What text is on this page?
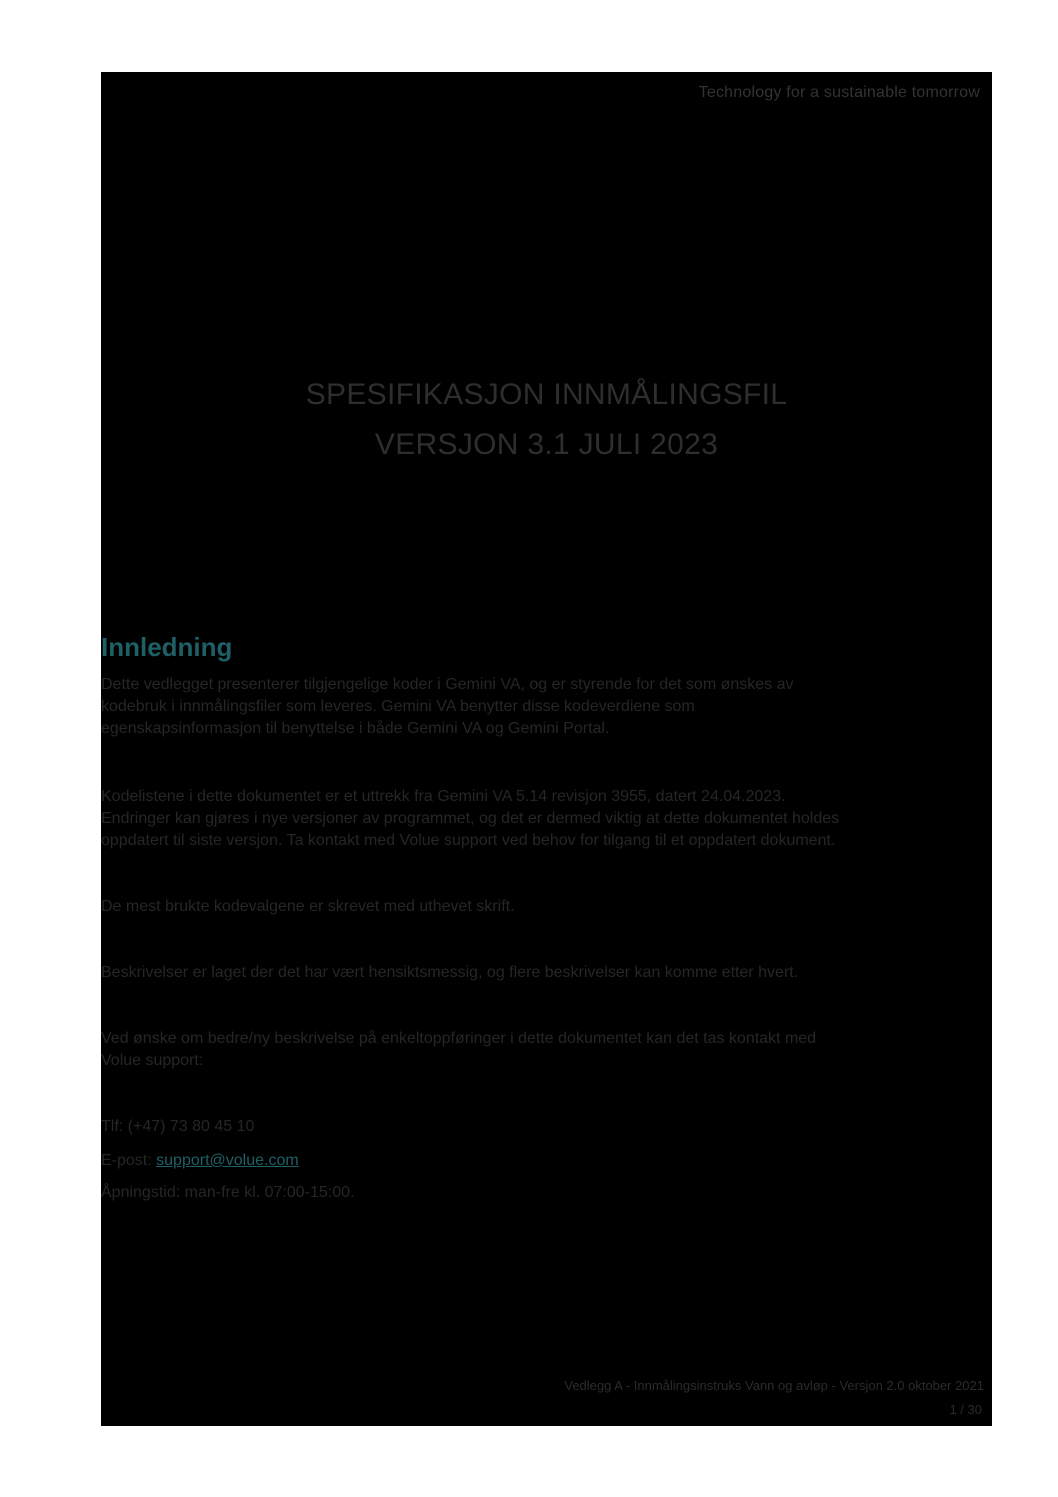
Technology for a sustainable tomorrow
SPESIFIKASJON INNMÅLINGSFIL
VERSJON 3.1 JULI 2023
Innledning

Dette vedlegget presenterer tilgjengelige koder i Gemini VA, og er styrende for det som ønskes av
kodebruk i innmålingsfiler som leveres. Gemini VA benytter disse kodeverdiene som
egenskapsinformasjon til benyttelse i både Gemini VA og Gemini Portal.

Kodelistene i dette dokumentet er et uttrekk fra Gemini VA 5.14 revisjon 3955, datert 24.04.2023.
Endringer kan gjøres i nye versjoner av programmet, og det er dermed viktig at dette dokumentet holdes
oppdatert til siste versjon. Ta kontakt med Volue support ved behov for tilgang til et oppdatert dokument.

De mest brukte kodevalgene er skrevet med uthevet skrift.

Beskrivelser er laget der det har vært hensiktsmessig, og flere beskrivelser kan komme etter hvert.

Ved ønske om bedre/ny beskrivelse på enkeltoppføringer i dette dokumentet kan det tas kontakt med
Volue support:

Tlf: (+47) 73 80 45 10

E-post: support@volue.com

Åpningstid: man-fre kl. 07:00-15:00.

Vedlegg A - Innmålingsinstruks Vann og avløp - Versjon 2.0 oktober 2021
1 / 30
